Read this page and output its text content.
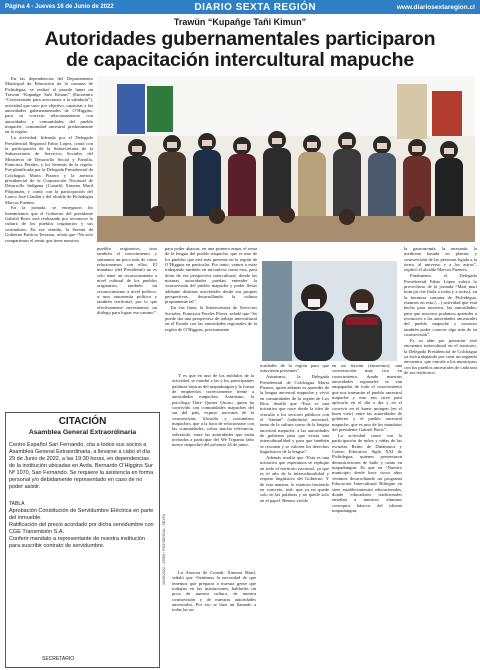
Página 4 - Jueves 16 de Junio de 2022	DIARIO SEXTA REGIÓN	www.diariosextaregion.cl
Trawün “Kupañge Tañi Kimun”
Autoridades gubernamentales participaron
de capacitación intercultural mapuche

En las dependencias del Departamento Municipal de Educación de la comuna de Pichidegua, se realizó el pasado lunes un Trawün “Kupañge Tañi Kimun” (Encuentro “Conversando para acercarnos a la sabiduría”), actividad que tuvo por objetivo, capacitar a las autoridades gubernamentales de O’Higgins, para su correcto relacionamiento con autoridades y comunidades del pueblo mapuche, comunidad ancestral predominante en la región.

La actividad, liderada por el Delegado Presidencial Regional Fabio López, contó con la participación de la Subsecretaria de la Subsecretaría de Servicios Sociales del Ministerio de Desarrollo Social y Familia, Francisca Perales, y los Seremis de la región. Fue planificada por la Delegada Presidencial de Colchagua Marta Pizarro y la asesora presidencial de la Corporación Nacional de Desarrollo Indígena (Conadi) Ximena Maril Pilquimán, y contó con la participación del Lonco José Llaulén y del alcalde de Pichidegua Marcos Fuentes.

En la jornada, se entregaron los lineamientos que el Gobierno del presidente Gabriel Boric está realizando por reconocer la cultura de los pueblos originarios y sus costumbres. En ese sentido, la Seremi de Gobierno Patricia Terrazas, relató que “No solo compartimos el sentir que tiene nuestros

pueblos originarios, sino también el conocimiento y sumamos un poco más de cómo relacionarnos con ellos. El mandato (del Presidente) no es solo tener un reconocimiento a nivel cultural de los pueblos originarios, también un reconocimiento a nivel político, a una autonomía política y también territorial, por lo que efectivamente necesitamos un diálogo para lograr ese camino”.

para poder abarcar, en una primera etapa, el tema de la lengua del pueblo mapuche, que es uno de los pueblos que está más presente en la región de O’Higgins en particular. Por tanto, vamos a estar trabajando también en iniciativas como esta, para dotar de esa perspectiva intercultural, donde las mismas autoridades puedan entender la cosmovisión del pueblo mapuche y poder llevar adelante distintas actividades desde sus propias perspectivas, desarrollando la cultura propiamente tal”.

En esa línea, la Subsecretaria de Servicios Sociales, Francisca Perales Flores, señaló que “Se puede dar una perspectiva de trabajo intercultural en el Estado con las autoridades regionales de la región de O’Higgins, precisamente

Y es que en uno de los módulos de la actividad, se enseñó a las y los participantes palabras básicas del mapudungun y la forma de empleerlas correctamente frente a autoridades mapuches. Asimismo, la psicóloga Tiare Quiner Osorio, quien ha convivido con comunidades mapuches del sur del país, expuso nociones de la cosmovisión, filosofía y costumbres mapuches, que a la hora de relacionarse con las comunidades, cobra mucha relevancia, sobretodo, entre las autoridades que están invitadas a participar del We Tripantu (año nuevo mapuche) del próximo 24 de junio.

La Asesora de Conadi, Ximena Maril, señaló que “Sentimos la necesidad de que tenemos que preparar a nuestra gente que trabajan en las instituciones, hablarles un poco de nuestra cultura, de nuestra cosmovisión y de nuestras autoridades ancestrales. Por eso se hizo un llamado a todas las au-

toridades de la región para que estuvieran presentes”.

Asimismo, la Delegada Presidencial de Colchagua Marta Pizarro, quien además es aprendiz de la lengua ancestral mapuche y vivió en comunidades de la región de Los Ríos, detalló que “Esta es una iniciativa que nace desde la idea de vincular a los sectores públicos con el “kimün” (sabiduría) ancestral, tanto de la cultura como de la lengua ancestral mapuche, a las autoridades de gobierno para que exista una interculturalidad y para que también se rescaten y se valoren los derechos lingüísticos de la lengua”.

Además resaltó que “Esta es una iniciativa que esperamos se replique en todo el territorio nacional, ya que es el año de la interculturalidad y respeto lingüístico del Gobierno. Y de esta manera, lo estamos haciendo en concreto, real, que ya no quede solo en las palabras y no quede solo en el papel. Hemos vivido

en un trawün (encuentro), una conversación muy rica en conocimiento, donde nuestras autoridades regionales se van empapadas de todo el conocimiento que nos transmite el pueblo ancestral mapuche y esto nos sirve para aplicarlo en el día a día y en el convivir en el kume mongen (en el buen vivir) entre las autoridades de gobierno y el pueblo ancestral mapuche, que es uno de los mandatos del presidente Gabriel Boric”.

La actividad contó con la participación de niños y niñas de las escuelas Reino de Dinamarca y Centro Educativo Siglo XXI de Pichidegua, quienes presentaron demostraciones de baile y canto en mapudungun. Es que en “Nuestro municipio desde hace cinco años venimos desarrollando un programa Educación Intercultural Bilingüe en siete establecimientos educacionales, donde educadores tradicionales enseñan a nuestros alumnos conceptos básicos del idioma mapudungun,

la gastronomía, la artesanía, la medicina basada en plantas y cosmovisión de las personas ligada a la tierra, al universo y a los astros”, explicó el alcalde Marcos Fuentes.

Finalmente, el Delegado Presidencial Fabio López valoró lo provechoso de la jornada “Mari mari kom pu che (hola a todas y a todos), en la hermosa comuna de Pichidegua, estamos en esta (…) actividad que está hecha para nosotros, las autoridades, para que nosotros podamos aprender a reconocer a las autoridades ancestrales del pueblo mapuche y nosotros también poder conocer algo más de su cosmovisión”.

Es su afán por potenciar este encuentro intercultural en el territorio, la Delegada Presidencial de Colchagua ya está trabajando por crear un segundo encuentro, que vincule a los municipios con los pueblos ancestrales de cada uno de sus territorios.

CITACIÓN
Asamblea General Extraordinaria
Centro Español San Fernando, cita a todos sus socios a Asamblea General Extraordinaria, a llevarse a cabo el día 29 de Junio de 2022, a las 19:30 horas, en dependencias de la institución ubicadas en Avda. Bernardo O’Higgins Sur Nº 1070, San Fernando. Se requiere la asistencia en forma personal y/o debidamente representado en caso de no poder asistir.
TABLA
Aprobación Constitución de Servidumbre Eléctrica en parte del inmueble.
Ratificación del precio acordado por dicha servidumbre con CGE Transmisión S.A.
Conferir mandato a representante de nuestra institución para suscribir contrato de servidumbre.
SECRETARIO
16/06/2022 - 22569 / PICHIDEGUA - SEXTA
